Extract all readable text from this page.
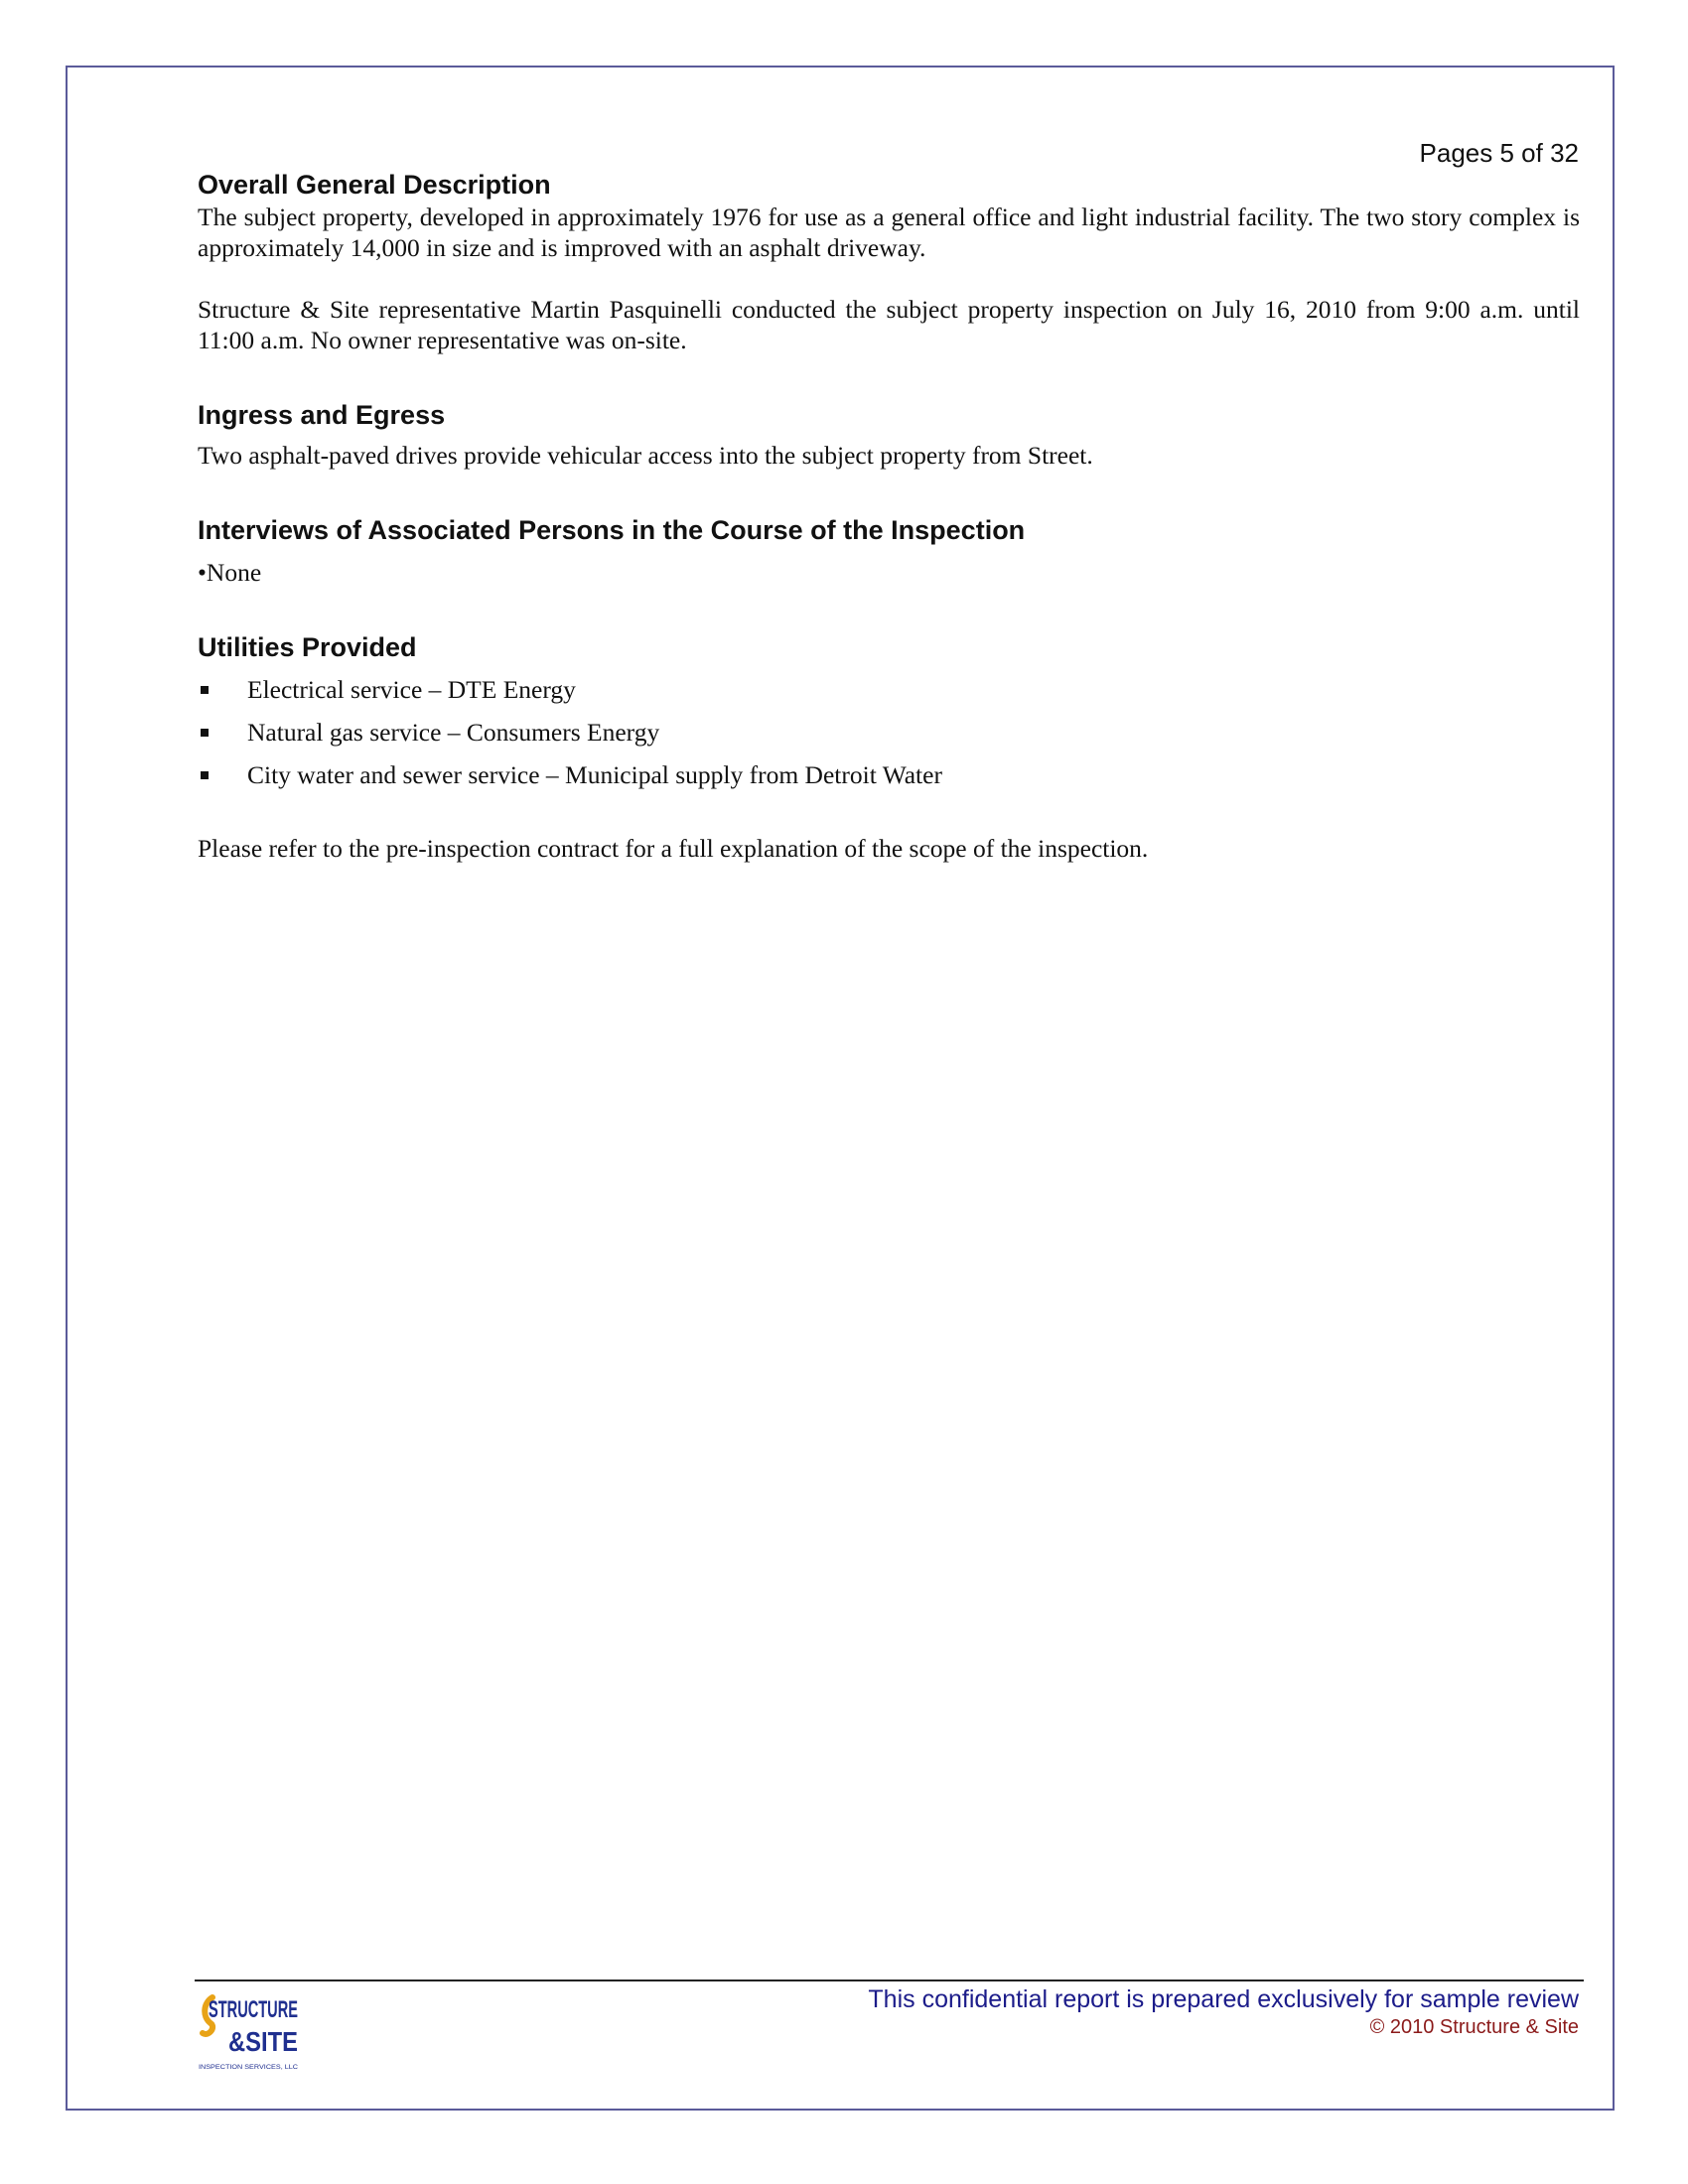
Pages 5 of 32
Overall General Description

The subject property, developed in approximately 1976 for use as a general office and light industrial facility. The two story complex is approximately 14,000 in size and is improved with an asphalt driveway.

Structure & Site representative Martin Pasquinelli conducted the subject property inspection on July 16, 2010 from 9:00 a.m. until 11:00 a.m. No owner representative was on-site.

Ingress and Egress

Two asphalt-paved drives provide vehicular access into the subject property from Street.

Interviews of Associated Persons in the Course of the Inspection

•None

Utilities Provided
Electrical service – DTE Energy
Natural gas service – Consumers Energy
City water and sewer service – Municipal supply from Detroit Water

Please refer to the pre-inspection contract for a full explanation of the scope of the inspection.

STRUCTURE
&SITE
INSPECTION SERVICES, LLC
This confidential report is prepared exclusively for sample review
© 2010 Structure & Site
